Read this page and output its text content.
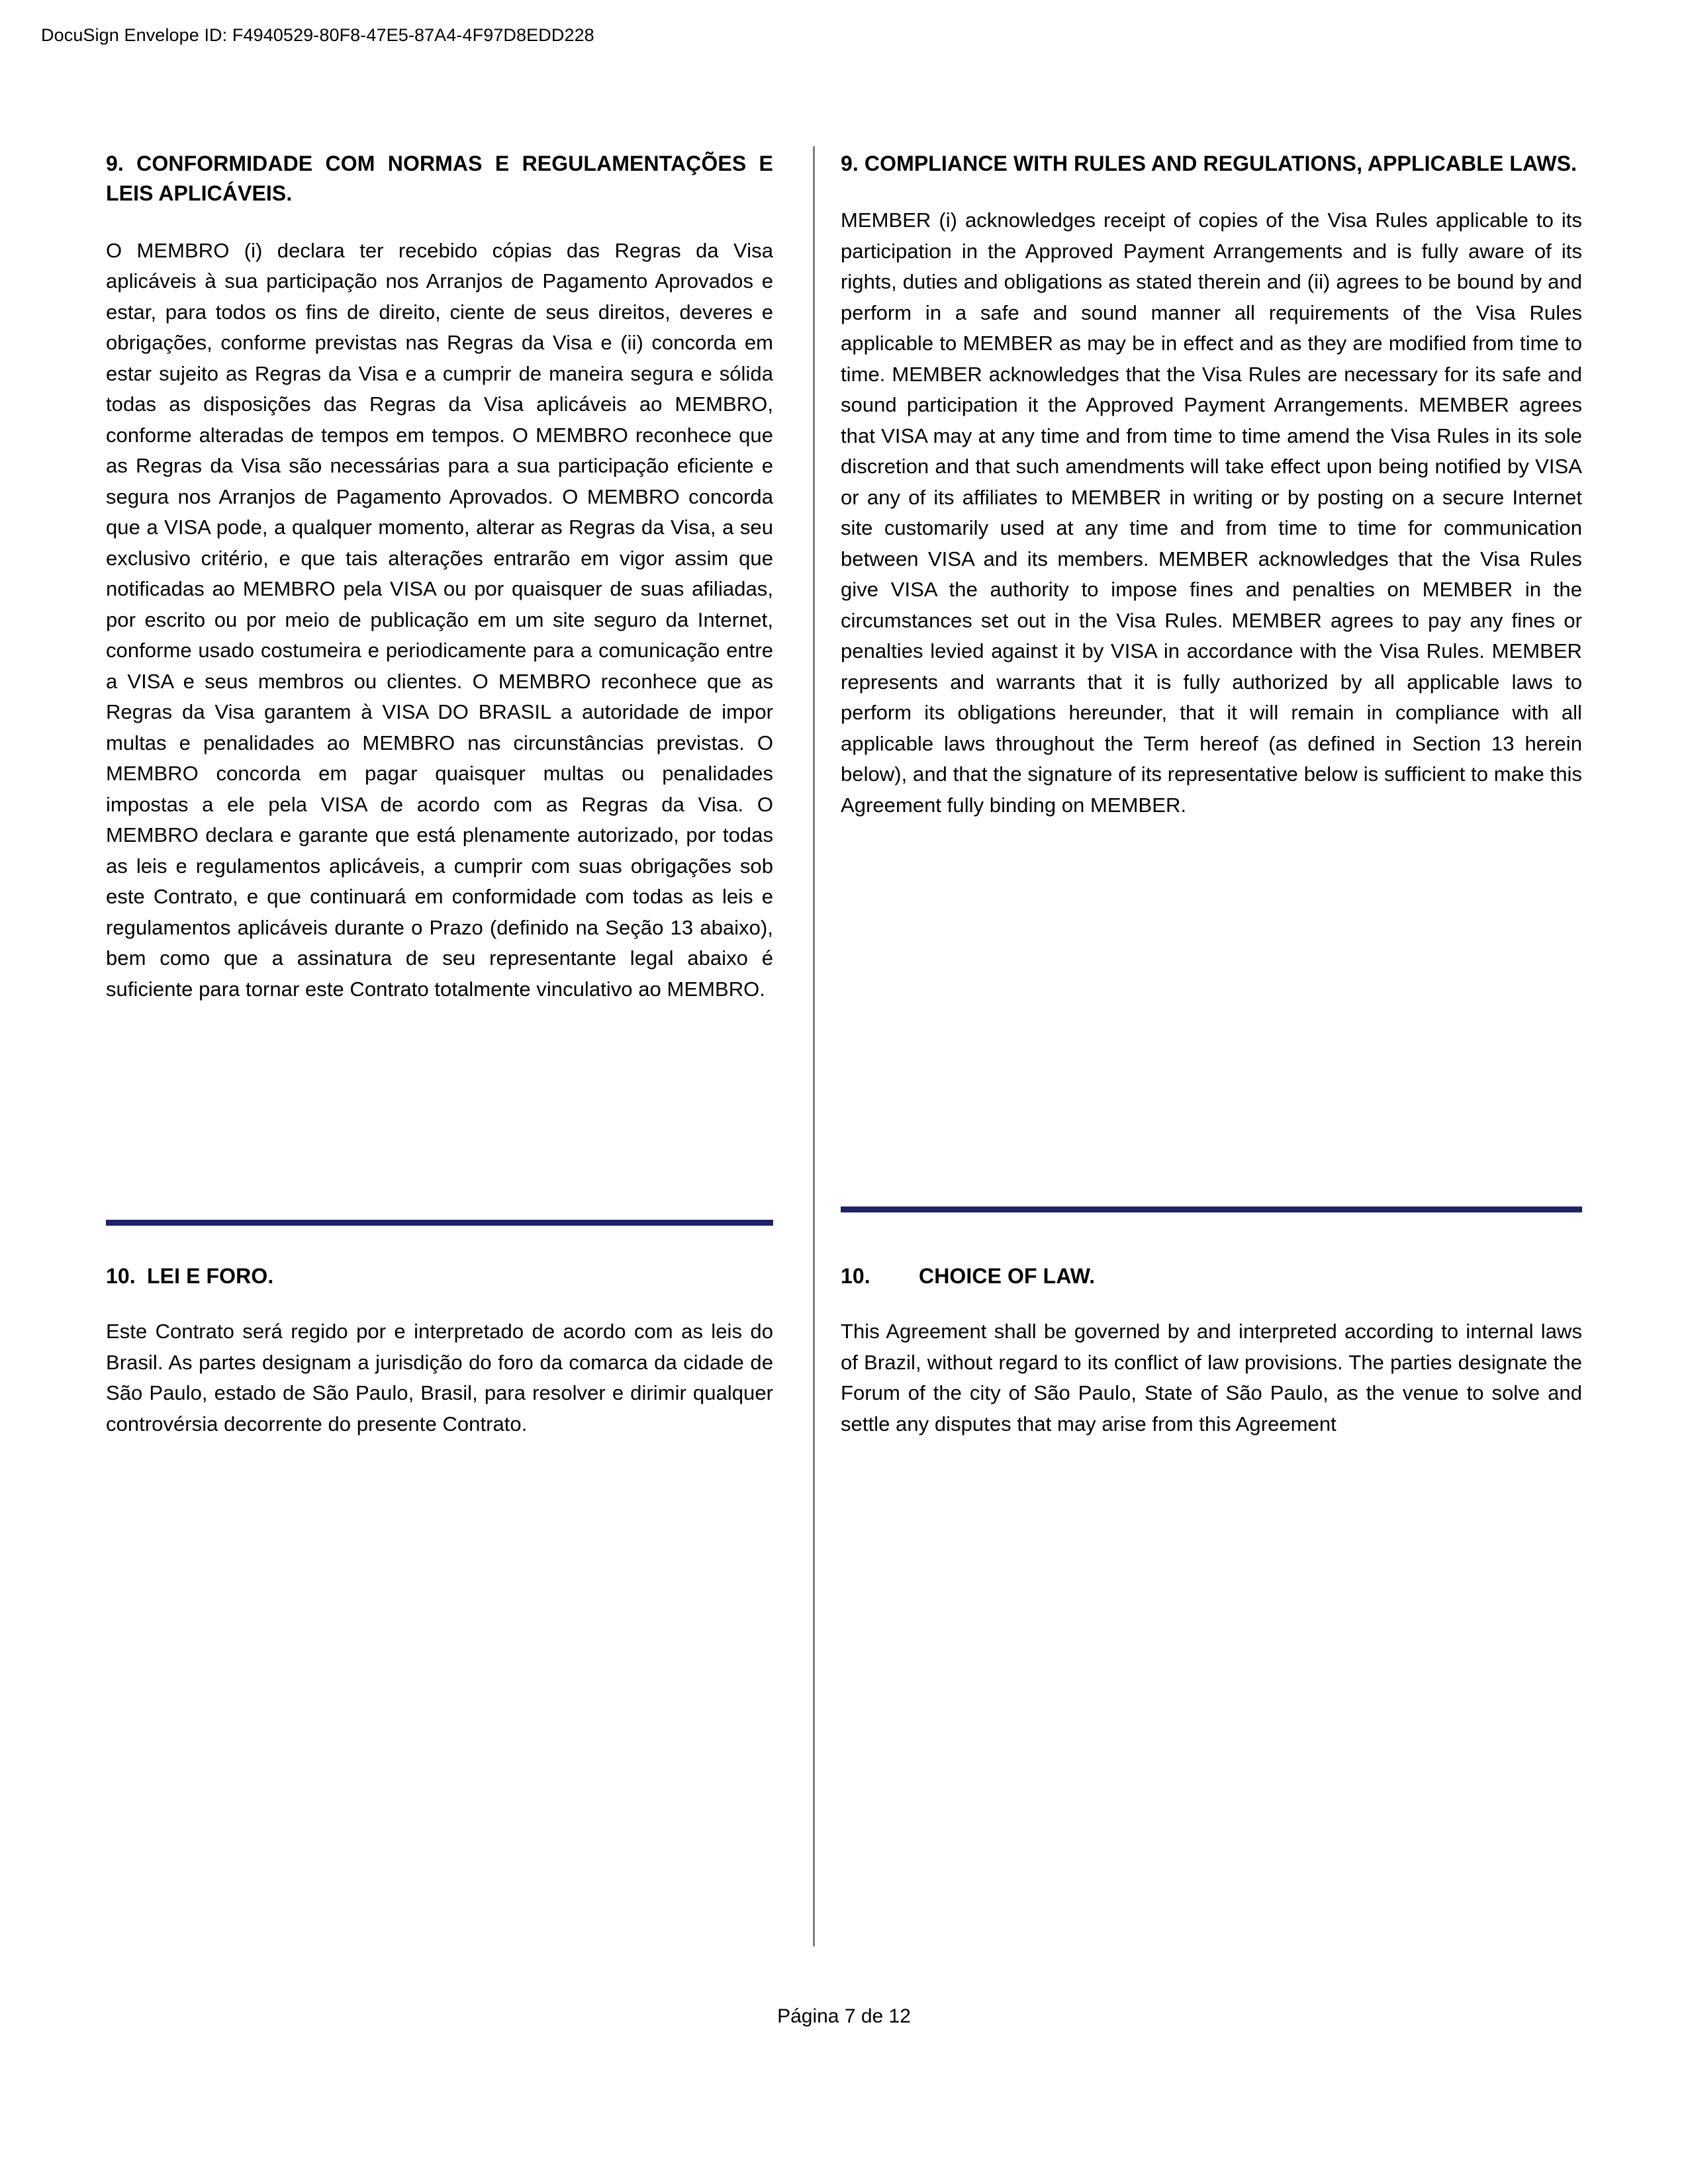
DocuSign Envelope ID: F4940529-80F8-47E5-87A4-4F97D8EDD228
9. CONFORMIDADE COM NORMAS E REGULAMENTAÇÕES E LEIS APLICÁVEIS.

O MEMBRO (i) declara ter recebido cópias das Regras da Visa aplicáveis à sua participação nos Arranjos de Pagamento Aprovados e estar, para todos os fins de direito, ciente de seus direitos, deveres e obrigações, conforme previstas nas Regras da Visa e (ii) concorda em estar sujeito as Regras da Visa e a cumprir de maneira segura e sólida todas as disposições das Regras da Visa aplicáveis ao MEMBRO, conforme alteradas de tempos em tempos. O MEMBRO reconhece que as Regras da Visa são necessárias para a sua participação eficiente e segura nos Arranjos de Pagamento Aprovados. O MEMBRO concorda que a VISA pode, a qualquer momento, alterar as Regras da Visa, a seu exclusivo critério, e que tais alterações entrarão em vigor assim que notificadas ao MEMBRO pela VISA ou por quaisquer de suas afiliadas, por escrito ou por meio de publicação em um site seguro da Internet, conforme usado costumeira e periodicamente para a comunicação entre a VISA e seus membros ou clientes. O MEMBRO reconhece que as Regras da Visa garantem à VISA DO BRASIL a autoridade de impor multas e penalidades ao MEMBRO nas circunstâncias previstas. O MEMBRO concorda em pagar quaisquer multas ou penalidades impostas a ele pela VISA de acordo com as Regras da Visa. O MEMBRO declara e garante que está plenamente autorizado, por todas as leis e regulamentos aplicáveis, a cumprir com suas obrigações sob este Contrato, e que continuará em conformidade com todas as leis e regulamentos aplicáveis durante o Prazo (definido na Seção 13 abaixo), bem como que a assinatura de seu representante legal abaixo é suficiente para tornar este Contrato totalmente vinculativo ao MEMBRO.

9. COMPLIANCE WITH RULES AND REGULATIONS, APPLICABLE LAWS.

MEMBER (i) acknowledges receipt of copies of the Visa Rules applicable to its participation in the Approved Payment Arrangements and is fully aware of its rights, duties and obligations as stated therein and (ii) agrees to be bound by and perform in a safe and sound manner all requirements of the Visa Rules applicable to MEMBER as may be in effect and as they are modified from time to time. MEMBER acknowledges that the Visa Rules are necessary for its safe and sound participation it the Approved Payment Arrangements. MEMBER agrees that VISA may at any time and from time to time amend the Visa Rules in its sole discretion and that such amendments will take effect upon being notified by VISA or any of its affiliates to MEMBER in writing or by posting on a secure Internet site customarily used at any time and from time to time for communication between VISA and its members. MEMBER acknowledges that the Visa Rules give VISA the authority to impose fines and penalties on MEMBER in the circumstances set out in the Visa Rules. MEMBER agrees to pay any fines or penalties levied against it by VISA in accordance with the Visa Rules. MEMBER represents and warrants that it is fully authorized by all applicable laws to perform its obligations hereunder, that it will remain in compliance with all applicable laws throughout the Term hereof (as defined in Section 13 herein below), and that the signature of its representative below is sufficient to make this Agreement fully binding on MEMBER.

10. LEI E FORO.

Este Contrato será regido por e interpretado de acordo com as leis do Brasil. As partes designam a jurisdição do foro da comarca da cidade de São Paulo, estado de São Paulo, Brasil, para resolver e dirimir qualquer controvérsia decorrente do presente Contrato.

10. CHOICE OF LAW.

This Agreement shall be governed by and interpreted according to internal laws of Brazil, without regard to its conflict of law provisions. The parties designate the Forum of the city of São Paulo, State of São Paulo, as the venue to solve and settle any disputes that may arise from this Agreement

Página 7 de 12
